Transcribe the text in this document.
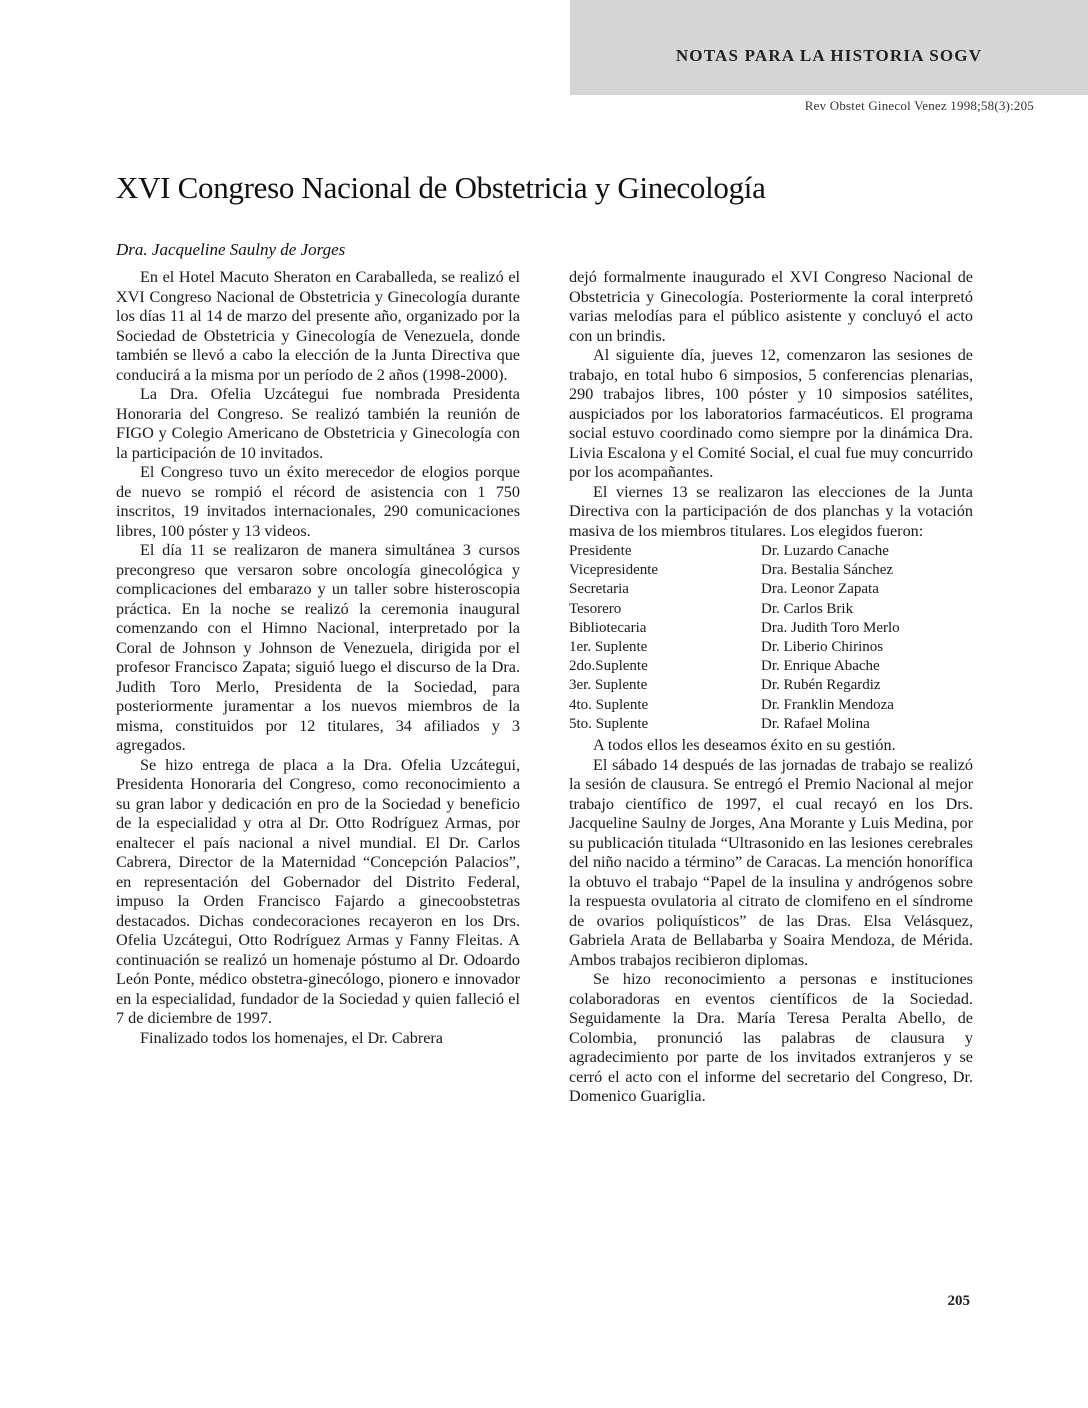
NOTAS PARA LA HISTORIA SOGV
Rev Obstet Ginecol Venez 1998;58(3):205
XVI Congreso Nacional de Obstetricia y Ginecología
Dra. Jacqueline Saulny de Jorges

En el Hotel Macuto Sheraton en Caraballeda, se realizó el XVI Congreso Nacional de Obstetricia y Ginecología durante los días 11 al 14 de marzo del presente año, organizado por la Sociedad de Obstetricia y Ginecología de Venezuela, donde también se llevó a cabo la elección de la Junta Directiva que conducirá a la misma por un período de 2 años (1998-2000).

La Dra. Ofelia Uzcátegui fue nombrada Presidenta Honoraria del Congreso. Se realizó también la reunión de FIGO y Colegio Americano de Obstetricia y Ginecología con la participación de 10 invitados.

El Congreso tuvo un éxito merecedor de elogios porque de nuevo se rompió el récord de asistencia con 1 750 inscritos, 19 invitados internacionales, 290 comunicaciones libres, 100 póster y 13 videos.

El día 11 se realizaron de manera simultánea 3 cursos precongreso que versaron sobre oncología ginecológica y complicaciones del embarazo y un taller sobre histeroscopia práctica. En la noche se realizó la ceremonia inaugural comenzando con el Himno Nacional, interpretado por la Coral de Johnson y Johnson de Venezuela, dirigida por el profesor Francisco Zapata; siguió luego el discurso de la Dra. Judith Toro Merlo, Presidenta de la Sociedad, para posteriormente juramentar a los nuevos miembros de la misma, constituidos por 12 titulares, 34 afiliados y 3 agregados.

Se hizo entrega de placa a la Dra. Ofelia Uzcátegui, Presidenta Honoraria del Congreso, como reconocimiento a su gran labor y dedicación en pro de la Sociedad y beneficio de la especialidad y otra al Dr. Otto Rodríguez Armas, por enaltecer el país nacional a nivel mundial. El Dr. Carlos Cabrera, Director de la Maternidad “Concepción Palacios”, en representación del Gobernador del Distrito Federal, impuso la Orden Francisco Fajardo a ginecoobstetras destacados. Dichas condecoraciones recayeron en los Drs. Ofelia Uzcátegui, Otto Rodríguez Armas y Fanny Fleitas. A continuación se realizó un homenaje póstumo al Dr. Odoardo León Ponte, médico obstetra-ginecólogo, pionero e innovador en la especialidad, fundador de la Sociedad y quien falleció el 7 de diciembre de 1997.

Finalizado todos los homenajes, el Dr. Cabrera

dejó formalmente inaugurado el XVI Congreso Nacional de Obstetricia y Ginecología. Posteriormente la coral interpretó varias melodías para el público asistente y concluyó el acto con un brindis.

Al siguiente día, jueves 12, comenzaron las sesiones de trabajo, en total hubo 6 simposios, 5 conferencias plenarias, 290 trabajos libres, 100 póster y 10 simposios satélites, auspiciados por los laboratorios farmacéuticos. El programa social estuvo coordinado como siempre por la dinámica Dra. Livia Escalona y el Comité Social, el cual fue muy concurrido por los acompañantes.

El viernes 13 se realizaron las elecciones de la Junta Directiva con la participación de dos planchas y la votación masiva de los miembros titulares. Los elegidos fueron:

Presidente	Dr. Luzardo Canache
Vicepresidente	Dra. Bestalia Sánchez
Secretaria	Dra. Leonor Zapata
Tesorero	Dr. Carlos Brik
Bibliotecaria	Dra. Judith Toro Merlo
1er. Suplente	Dr. Liberio Chirinos
2do.Suplente	Dr. Enrique Abache
3er. Suplente	Dr. Rubén Regardiz
4to. Suplente	Dr. Franklin Mendoza
5to. Suplente	Dr. Rafael Molina

A todos ellos les deseamos éxito en su gestión.

El sábado 14 después de las jornadas de trabajo se realizó la sesión de clausura. Se entregó el Premio Nacional al mejor trabajo científico de 1997, el cual recayó en los Drs. Jacqueline Saulny de Jorges, Ana Morante y Luis Medina, por su publicación titulada “Ultrasonido en las lesiones cerebrales del niño nacido a término” de Caracas. La mención honorífica la obtuvo el trabajo “Papel de la insulina y andrógenos sobre la respuesta ovulatoria al citrato de clomifeno en el síndrome de ovarios poliquísticos” de las Dras. Elsa Velásquez, Gabriela Arata de Bellabarba y Soaira Mendoza, de Mérida. Ambos trabajos recibieron diplomas.

Se hizo reconocimiento a personas e instituciones colaboradoras en eventos científicos de la Sociedad. Seguidamente la Dra. María Teresa Peralta Abello, de Colombia, pronunció las palabras de clausura y agradecimiento por parte de los invitados extranjeros y se cerró el acto con el informe del secretario del Congreso, Dr. Domenico Guariglia.

205
